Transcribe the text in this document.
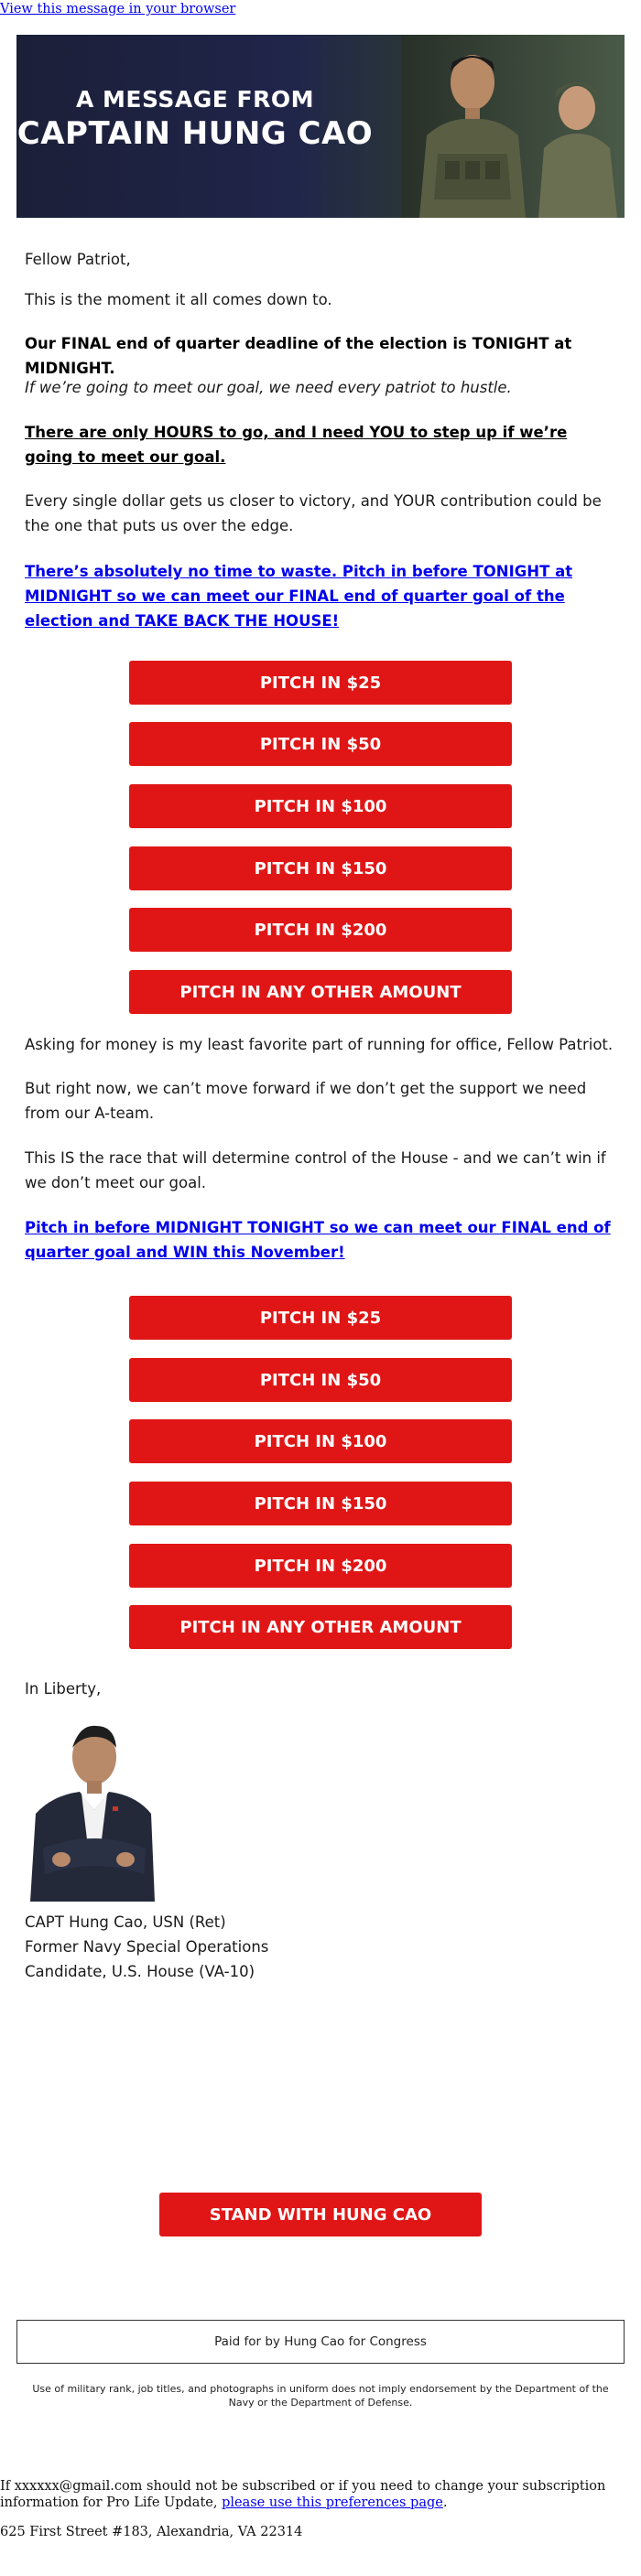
View this message in your browser
A MESSAGE FROM
CAPTAIN HUNG CAO
Fellow Patriot,
This is the moment it all comes down to.
Our FINAL end of quarter deadline of the election is TONIGHT at MIDNIGHT.
If we’re going to meet our goal, we need every patriot to hustle.
There are only HOURS to go, and I need YOU to step up if we’re going to meet our goal.
Every single dollar gets us closer to victory, and YOUR contribution could be the one that puts us over the edge.
There’s absolutely no time to waste. Pitch in before TONIGHT at MIDNIGHT so we can meet our FINAL end of quarter goal of the election and TAKE BACK THE HOUSE!
PITCH IN $25
PITCH IN $50
PITCH IN $100
PITCH IN $150
PITCH IN $200
PITCH IN ANY OTHER AMOUNT
Asking for money is my least favorite part of running for office, Fellow Patriot.
But right now, we can’t move forward if we don’t get the support we need from our A-team.
This IS the race that will determine control of the House - and we can’t win if we don’t meet our goal.
Pitch in before MIDNIGHT TONIGHT so we can meet our FINAL end of quarter goal and WIN this November!
PITCH IN $25
PITCH IN $50
PITCH IN $100
PITCH IN $150
PITCH IN $200
PITCH IN ANY OTHER AMOUNT
In Liberty,
CAPT Hung Cao, USN (Ret)
Former Navy Special Operations
Candidate, U.S. House (VA-10)
STAND WITH HUNG CAO
Paid for by Hung Cao for Congress
Use of military rank, job titles, and photographs in uniform does not imply endorsement by the Department of the Navy or the Department of Defense.
If xxxxxx@gmail.com should not be subscribed or if you need to change your subscription information for Pro Life Update, please use this preferences page.
625 First Street #183, Alexandria, VA 22314
